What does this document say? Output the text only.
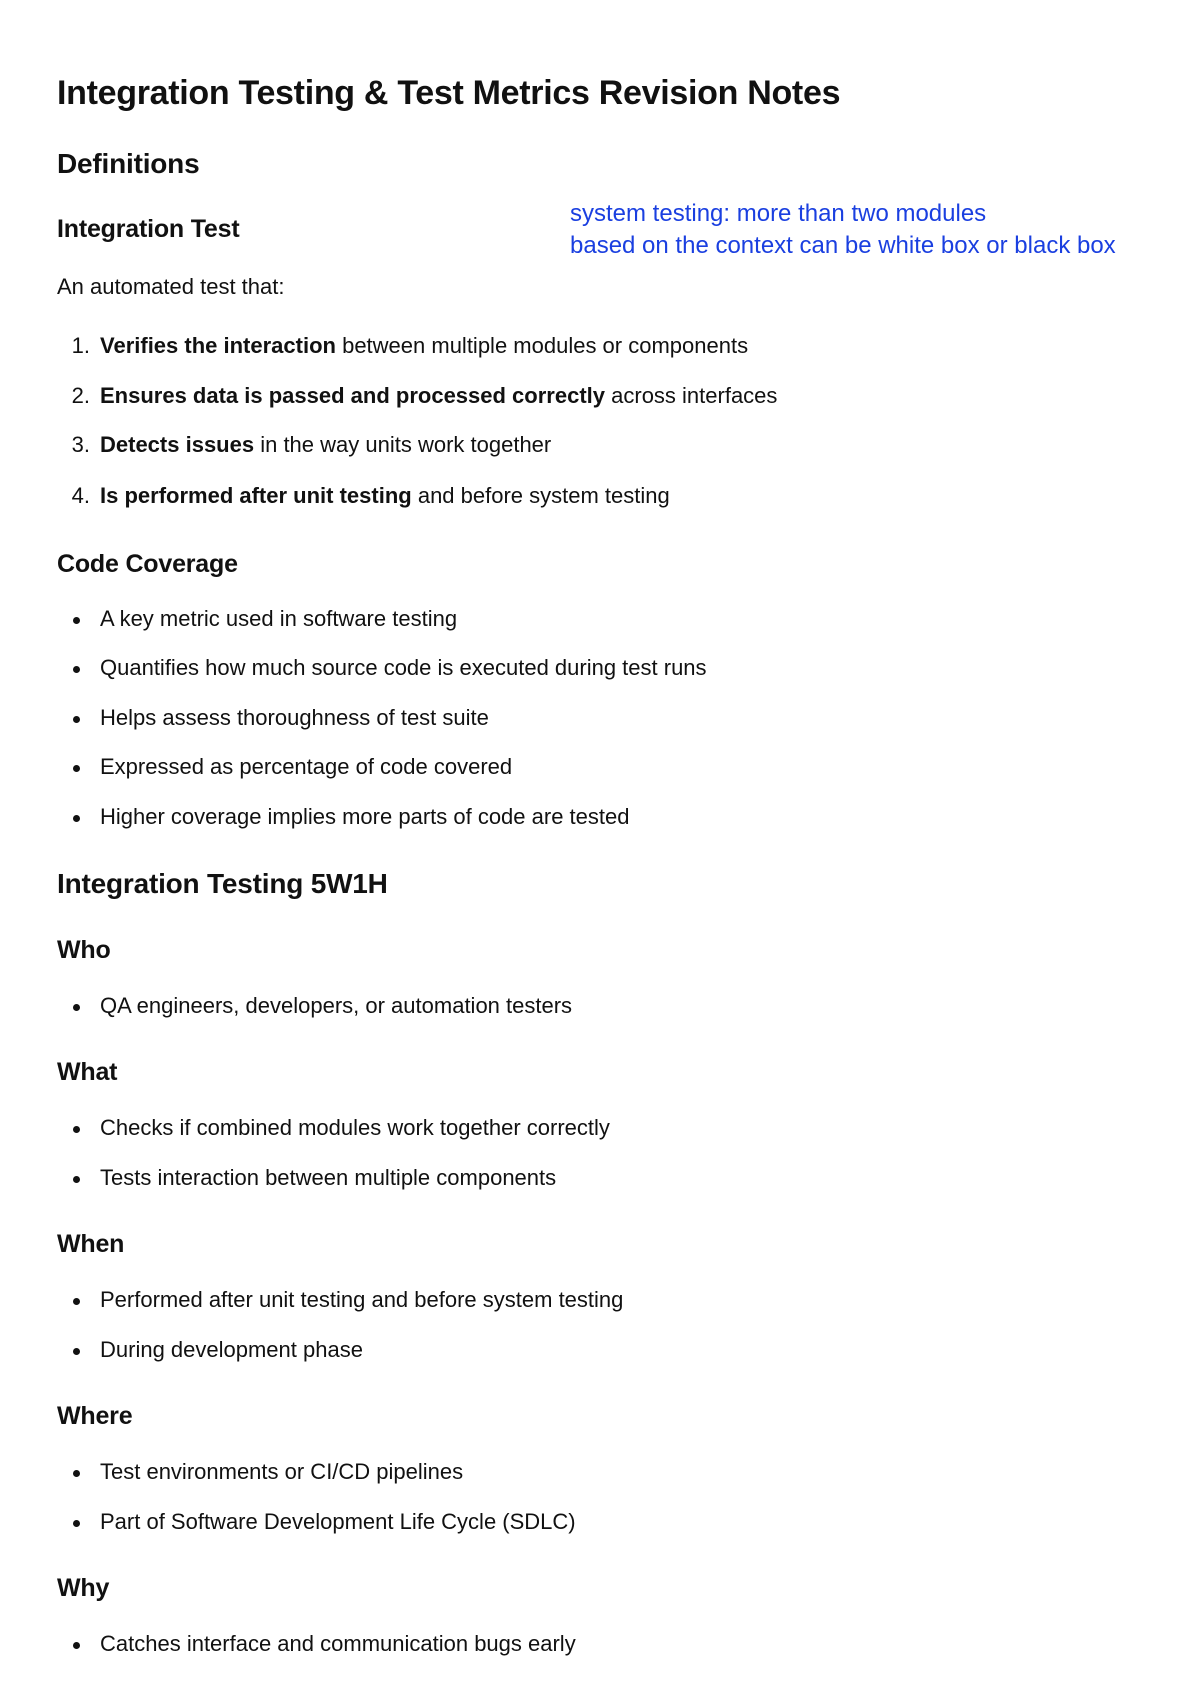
Integration Testing & Test Metrics Revision Notes
Definitions
Integration Test
system testing: more than two modules
based on the context can be white box or black box

An automated test that:

1. Verifies the interaction between multiple modules or components
2. Ensures data is passed and processed correctly across interfaces
3. Detects issues in the way units work together
4. Is performed after unit testing and before system testing
Code Coverage
A key metric used in software testing
Quantifies how much source code is executed during test runs
Helps assess thoroughness of test suite
Expressed as percentage of code covered
Higher coverage implies more parts of code are tested
Integration Testing 5W1H
Who
QA engineers, developers, or automation testers
What
Checks if combined modules work together correctly
Tests interaction between multiple components
When
Performed after unit testing and before system testing
During development phase
Where
Test environments or CI/CD pipelines
Part of Software Development Life Cycle (SDLC)
Why
Catches interface and communication bugs early
